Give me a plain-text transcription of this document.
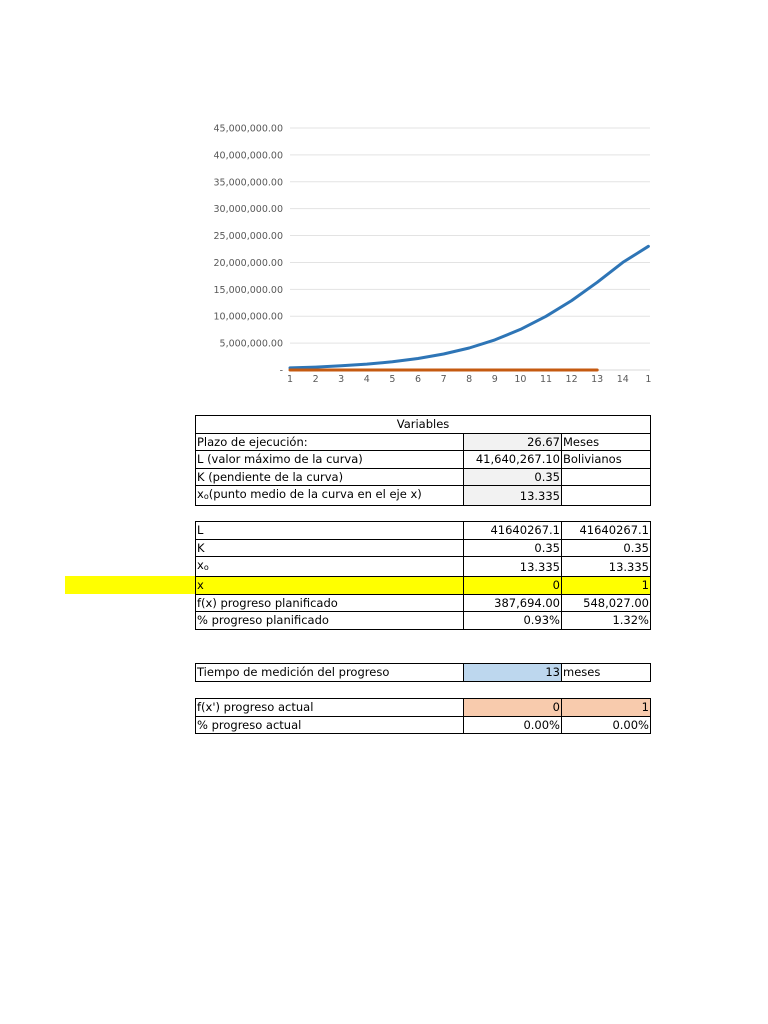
-
5,000,000.00
10,000,000.00
15,000,000.00
20,000,000.00
25,000,000.00
30,000,000.00
35,000,000.00
40,000,000.00
45,000,000.00
1 2 3 4 5 6 7 8 9 10 11 12 13 14 1
Variables		
Plazo de ejecución:	26.67	Meses
L (valor máximo de la curva)	41,640,267.10	Bolivianos
K (pendiente de la curva)	0.35	
$x_o(punto$ medio de la curva en el eje x)	13.335	
L	41640267.1	41640267.1
K	0.35	0.35
$x_o$	13.335	13.335
x	0	1
f(x) progreso planificado	387,694.00	548,027.00
% progreso planificado	0.93%	1.32%
Tiempo de medición del progreso	13	meses
f(x') progreso actual	0	1
% progreso actual	0.00%	0.00%
